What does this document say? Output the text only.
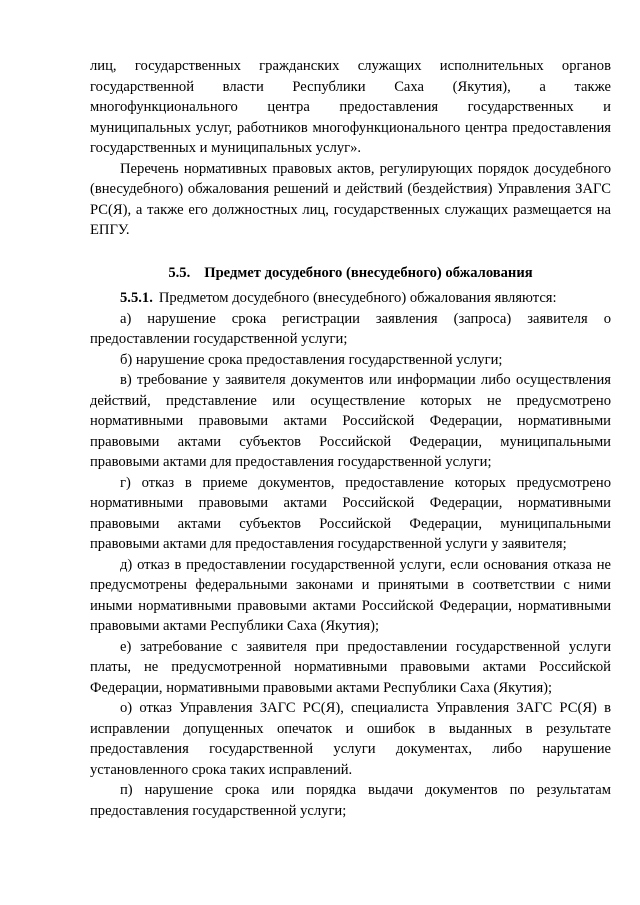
лиц, государственных гражданских служащих исполнительных органов государственной власти Республики Саха (Якутия), а также многофункционального центра предоставления государственных и муниципальных услуг, работников многофункционального центра предоставления государственных и муниципальных услуг».

Перечень нормативных правовых актов, регулирующих порядок досудебного (внесудебного) обжалования решений и действий (бездействия) Управления ЗАГС РС(Я), а также его должностных лиц, государственных служащих размещается на ЕПГУ.

5.5. Предмет досудебного (внесудебного) обжалования

5.5.1. Предметом досудебного (внесудебного) обжалования являются:

а) нарушение срока регистрации заявления (запроса) заявителя о предоставлении государственной услуги;

б) нарушение срока предоставления государственной услуги;

в) требование у заявителя документов или информации либо осуществления действий, представление или осуществление которых не предусмотрено нормативными правовыми актами Российской Федерации, нормативными правовыми актами субъектов Российской Федерации, муниципальными правовыми актами для предоставления государственной услуги;

г) отказ в приеме документов, предоставление которых предусмотрено нормативными правовыми актами Российской Федерации, нормативными правовыми актами субъектов Российской Федерации, муниципальными правовыми актами для предоставления государственной услуги у заявителя;

д) отказ в предоставлении государственной услуги, если основания отказа не предусмотрены федеральными законами и принятыми в соответствии с ними иными нормативными правовыми актами Российской Федерации, нормативными правовыми актами Республики Саха (Якутия);

е) затребование с заявителя при предоставлении государственной услуги платы, не предусмотренной нормативными правовыми актами Российской Федерации, нормативными правовыми актами Республики Саха (Якутия);

о) отказ Управления ЗАГС РС(Я), специалиста Управления ЗАГС РС(Я) в исправлении допущенных опечаток и ошибок в выданных в результате предоставления государственной услуги документах, либо нарушение установленного срока таких исправлений.

п) нарушение срока или порядка выдачи документов по результатам предоставления государственной услуги;
